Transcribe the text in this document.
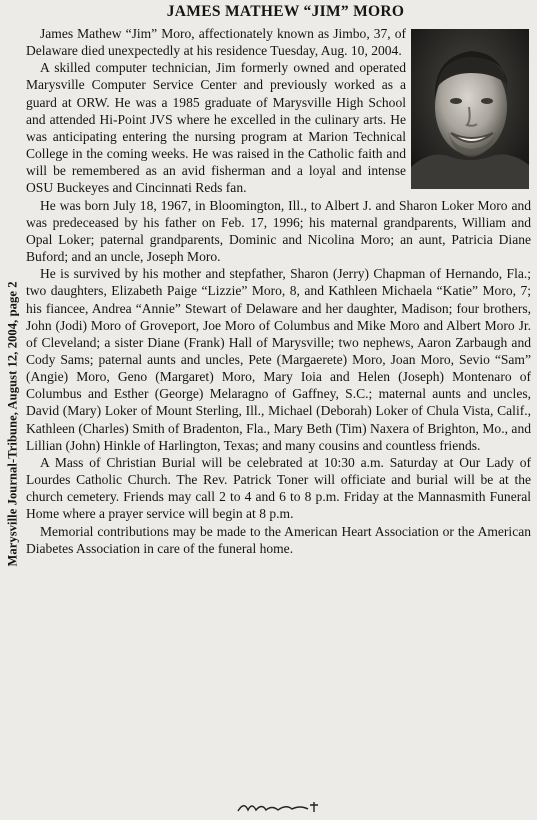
Marysville Journal-Tribune, August 12, 2004, page 2
JAMES MATHEW “JIM” MORO

James Mathew “Jim” Moro, affectionately known as Jimbo, 37, of Delaware died unexpectedly at his residence Tuesday, Aug. 10, 2004.

A skilled computer technician, Jim formerly owned and operated Marysville Computer Service Center and previously worked as a guard at ORW. He was a 1985 graduate of Marysville High School and attended Hi-Point JVS where he excelled in the culinary arts. He was anticipating entering the nursing program at Marion Technical College in the coming weeks. He was raised in the Catholic faith and will be remembered as an avid fisherman and a loyal and intense OSU Buckeyes and Cincinnati Reds fan.

He was born July 18, 1967, in Bloomington, Ill., to Albert J. and Sharon Loker Moro and was predeceased by his father on Feb. 17, 1996; his maternal grandparents, William and Opal Loker; paternal grandparents, Dominic and Nicolina Moro; an aunt, Patricia Diane Buford; and an uncle, Joseph Moro.

He is survived by his mother and stepfather, Sharon (Jerry) Chapman of Hernando, Fla.; two daughters, Elizabeth Paige “Lizzie” Moro, 8, and Kathleen Michaela “Katie” Moro, 7; his fiancee, Andrea “Annie” Stewart of Delaware and her daughter, Madison; four brothers, John (Jodi) Moro of Groveport, Joe Moro of Columbus and Mike Moro and Albert Moro Jr. of Cleveland; a sister Diane (Frank) Hall of Marysville; two nephews, Aaron Zarbaugh and Cody Sams; paternal aunts and uncles, Pete (Margaerete) Moro, Joan Moro, Sevio “Sam” (Angie) Moro, Geno (Margaret) Moro, Mary Ioia and Helen (Joseph) Montenaro of Columbus and Esther (George) Melaragno of Gaffney, S.C.; maternal aunts and uncles, David (Mary) Loker of Mount Sterling, Ill., Michael (Deborah) Loker of Chula Vista, Calif., Kathleen (Charles) Smith of Bradenton, Fla., Mary Beth (Tim) Naxera of Brighton, Mo., and Lillian (John) Hinkle of Harlington, Texas; and many cousins and countless friends.

A Mass of Christian Burial will be celebrated at 10:30 a.m. Saturday at Our Lady of Lourdes Catholic Church. The Rev. Patrick Toner will officiate and burial will be at the church cemetery. Friends may call 2 to 4 and 6 to 8 p.m. Friday at the Mannasmith Funeral Home where a prayer service will begin at 8 p.m.

Memorial contributions may be made to the American Heart Association or the American Diabetes Association in care of the funeral home.
